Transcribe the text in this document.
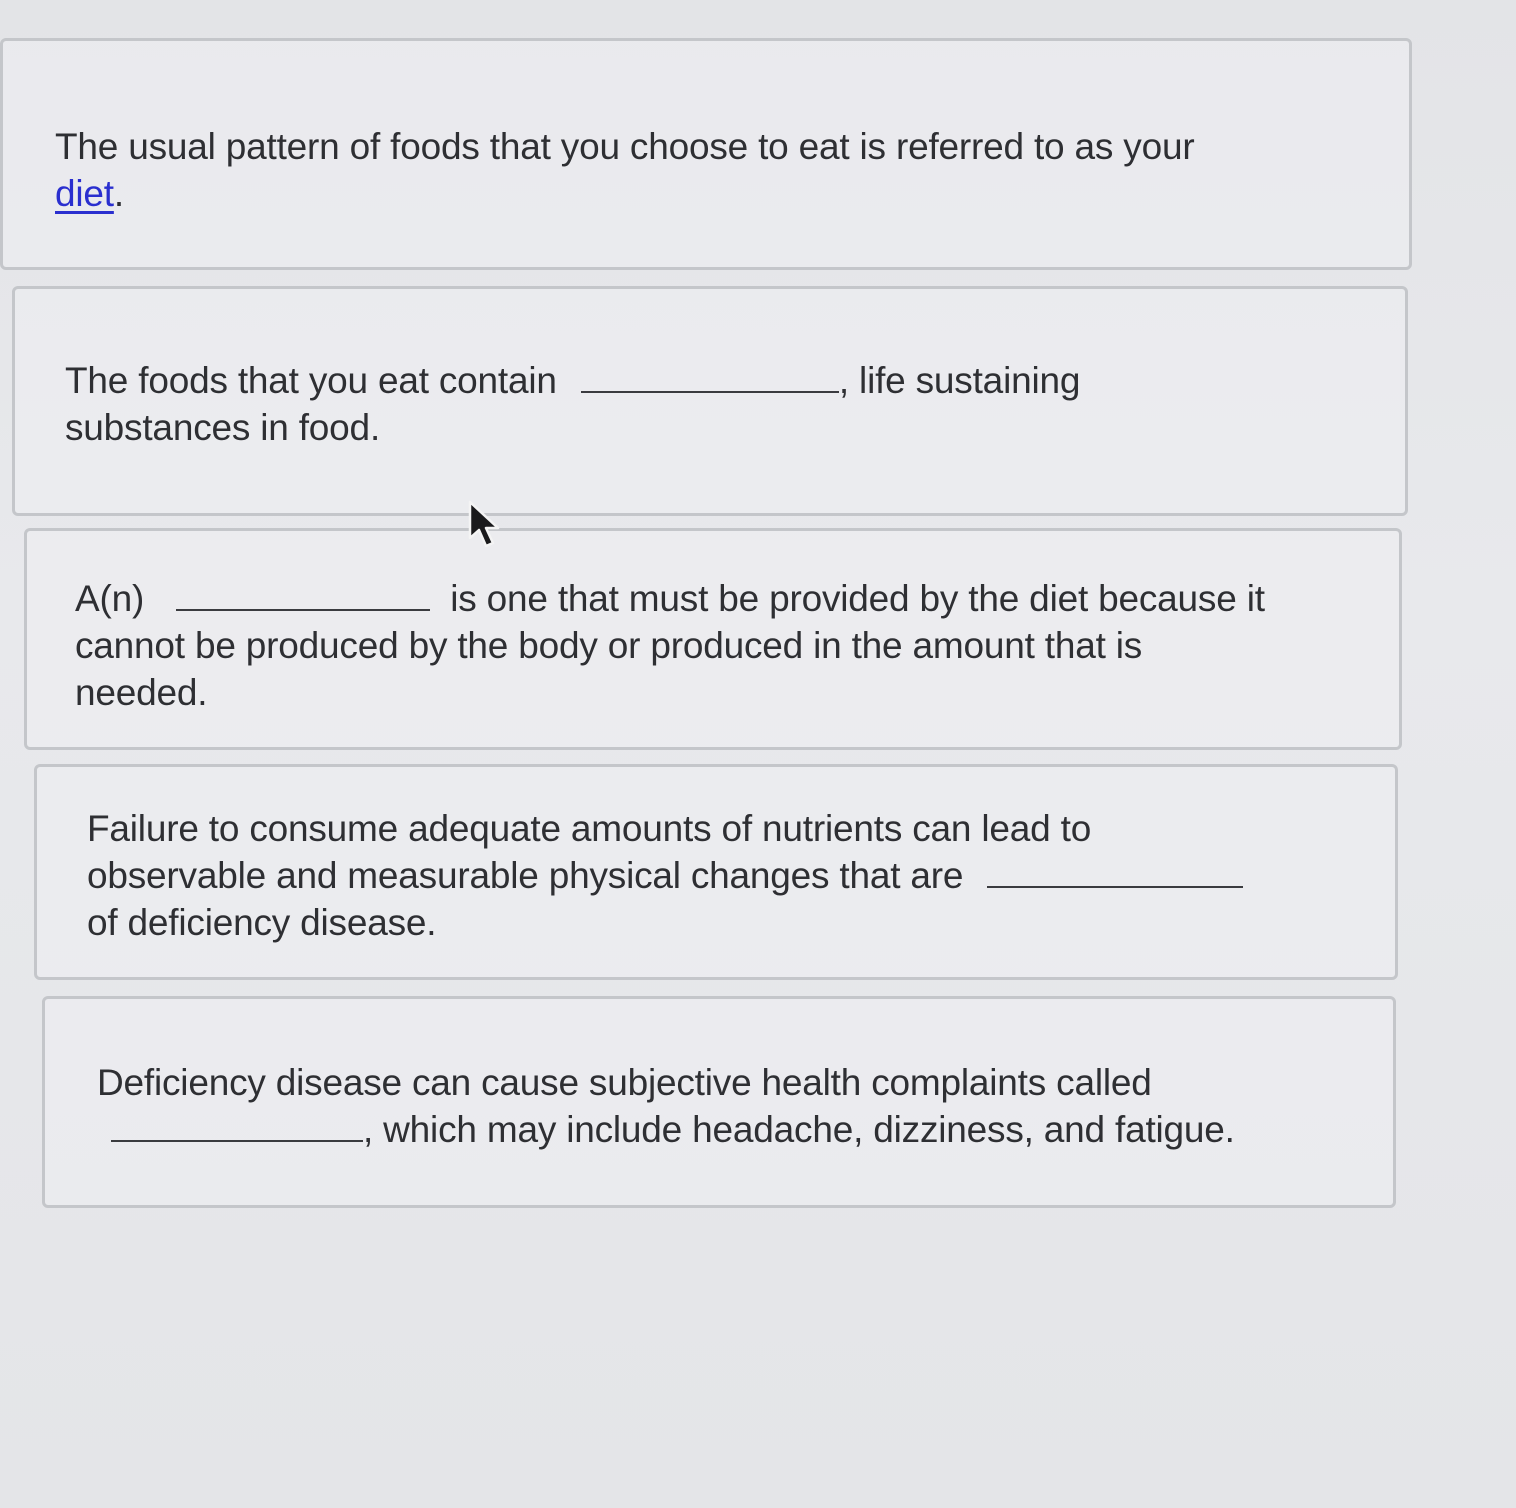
The usual pattern of foods that you choose to eat is referred to as your
diet.

The foods that you eat contain	, life sustaining
substances in food.

A(n)	is one that must be provided by the diet because it
cannot be produced by the body or produced in the amount that is
needed.

Failure to consume adequate amounts of nutrients can lead to
observable and measurable physical changes that are
of deficiency disease.

Deficiency disease can cause subjective health complaints called
, which may include headache, dizziness, and fatigue.
